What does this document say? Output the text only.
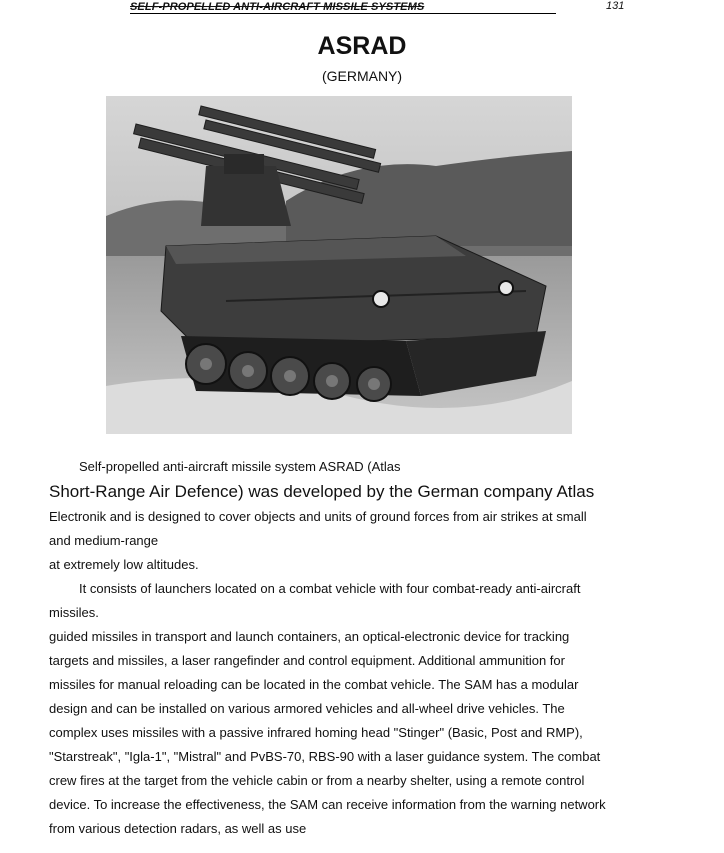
SELF-PROPELLED ANTI-AIRCRAFT MISSILE SYSTEMS	131
ASRAD
(GERMANY)

Self-propelled anti-aircraft missile system ASRAD (Atlas

Short-Range Air Defence) was developed by the German company Atlas

Electronik and is designed to cover objects and units of ground forces from air strikes at small

and medium-range

at extremely low altitudes.

It consists of launchers located on a combat vehicle with four combat-ready anti-aircraft

missiles.

guided missiles in transport and launch containers, an optical-electronic device for tracking

targets and missiles, a laser rangefinder and control equipment. Additional ammunition for

missiles for manual reloading can be located in the combat vehicle. The SAM has a modular

design and can be installed on various armored vehicles and all-wheel drive vehicles. The

complex uses missiles with a passive infrared homing head "Stinger" (Basic, Post and RMP),

"Starstreak", "Igla-1", "Mistral" and PvBS-70, RBS-90 with a laser guidance system. The combat

crew fires at the target from the vehicle cabin or from a nearby shelter, using a remote control

device. To increase the effectiveness, the SAM can receive information from the warning network

from various detection radars, as well as use
